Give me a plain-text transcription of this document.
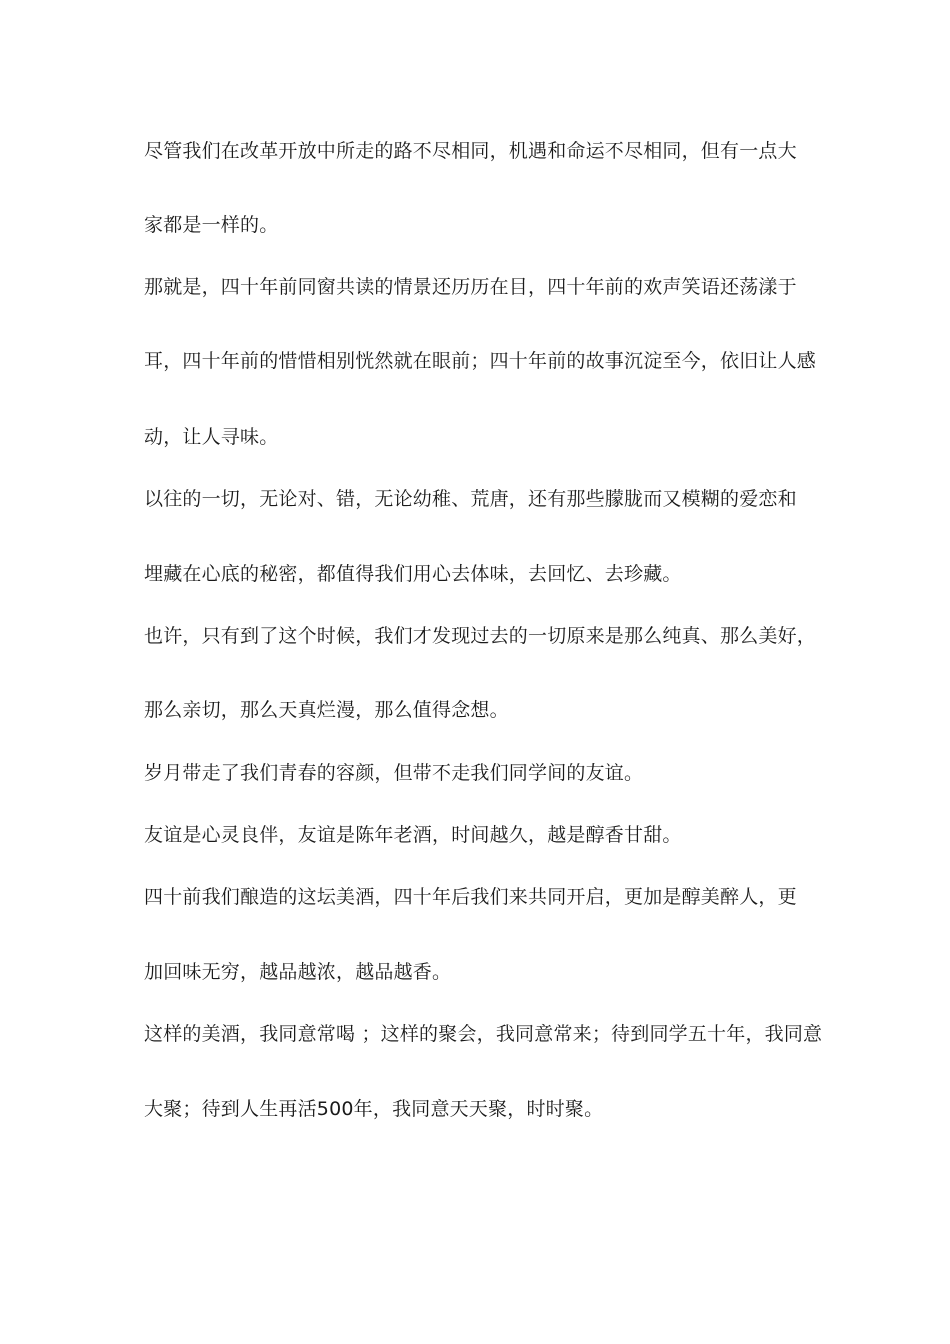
尽管我们在改革开放中所走的路不尽相同，机遇和命运不尽相同，但有一点大
家都是一样的。
那就是，四十年前同窗共读的情景还历历在目，四十年前的欢声笑语还荡漾于
耳，四十年前的惜惜相别恍然就在眼前；四十年前的故事沉淀至今，依旧让人感
动，让人寻味。
以往的一切，无论对、错，无论幼稚、荒唐，还有那些朦胧而又模糊的爱恋和
埋藏在心底的秘密，都值得我们用心去体味，去回忆、去珍藏。
也许，只有到了这个时候，我们才发现过去的一切原来是那么纯真、那么美好，
那么亲切，那么天真烂漫，那么值得念想。
岁月带走了我们青春的容颜，但带不走我们同学间的友谊。
友谊是心灵良伴，友谊是陈年老酒，时间越久，越是醇香甘甜。
四十前我们酿造的这坛美酒，四十年后我们来共同开启，更加是醇美醉人，更
加回味无穷，越品越浓，越品越香。
这样的美酒，我同意常喝 ；这样的聚会，我同意常来；待到同学五十年，我同意
大聚；待到人生再活500年，我同意天天聚，时时聚。
